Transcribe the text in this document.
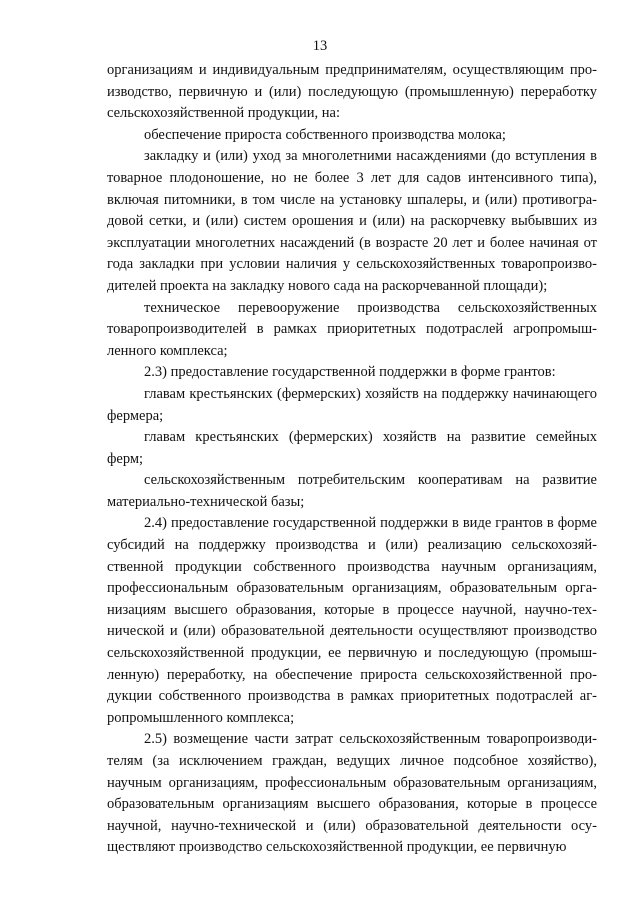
13

организациям и индивидуальным предпринимателям, осуществляющим производство, первичную и (или) последующую (промышленную) переработку сельскохозяйственной продукции, на:

обеспечение прироста собственного производства молока;

закладку и (или) уход за многолетними насаждениями (до вступления в товарное плодоношение, но не более 3 лет для садов интенсивного типа), включая питомники, в том числе на установку шпалеры, и (или) противоградовой сетки, и (или) систем орошения и (или) на раскорчевку выбывших из эксплуатации многолетних насаждений (в возрасте 20 лет и более начиная от года закладки при условии наличия у сельскохозяйственных товаропроизводителей проекта на закладку нового сада на раскорчеванной площади);

техническое перевооружение производства сельскохозяйственных товаропроизводителей в рамках приоритетных подотраслей агропромышленного комплекса;

2.3) предоставление государственной поддержки в форме грантов:

главам крестьянских (фермерских) хозяйств на поддержку начинающего фермера;

главам крестьянских (фермерских) хозяйств на развитие семейных ферм;

сельскохозяйственным потребительским кооперативам на развитие материально-технической базы;

2.4) предоставление государственной поддержки в виде грантов в форме субсидий на поддержку производства и (или) реализацию сельскохозяйственной продукции собственного производства научным организациям, профессиональным образовательным организациям, образовательным организациям высшего образования, которые в процессе научной, научно-технической и (или) образовательной деятельности осуществляют производство сельскохозяйственной продукции, ее первичную и последующую (промышленную) переработку, на обеспечение прироста сельскохозяйственной продукции собственного производства в рамках приоритетных подотраслей агропромышленного комплекса;

2.5) возмещение части затрат сельскохозяйственным товаропроизводителям (за исключением граждан, ведущих личное подсобное хозяйство), научным организациям, профессиональным образовательным организациям, образовательным организациям высшего образования, которые в процессе научной, научно-технической и (или) образовательной деятельности осуществляют производство сельскохозяйственной продукции, ее первичную
